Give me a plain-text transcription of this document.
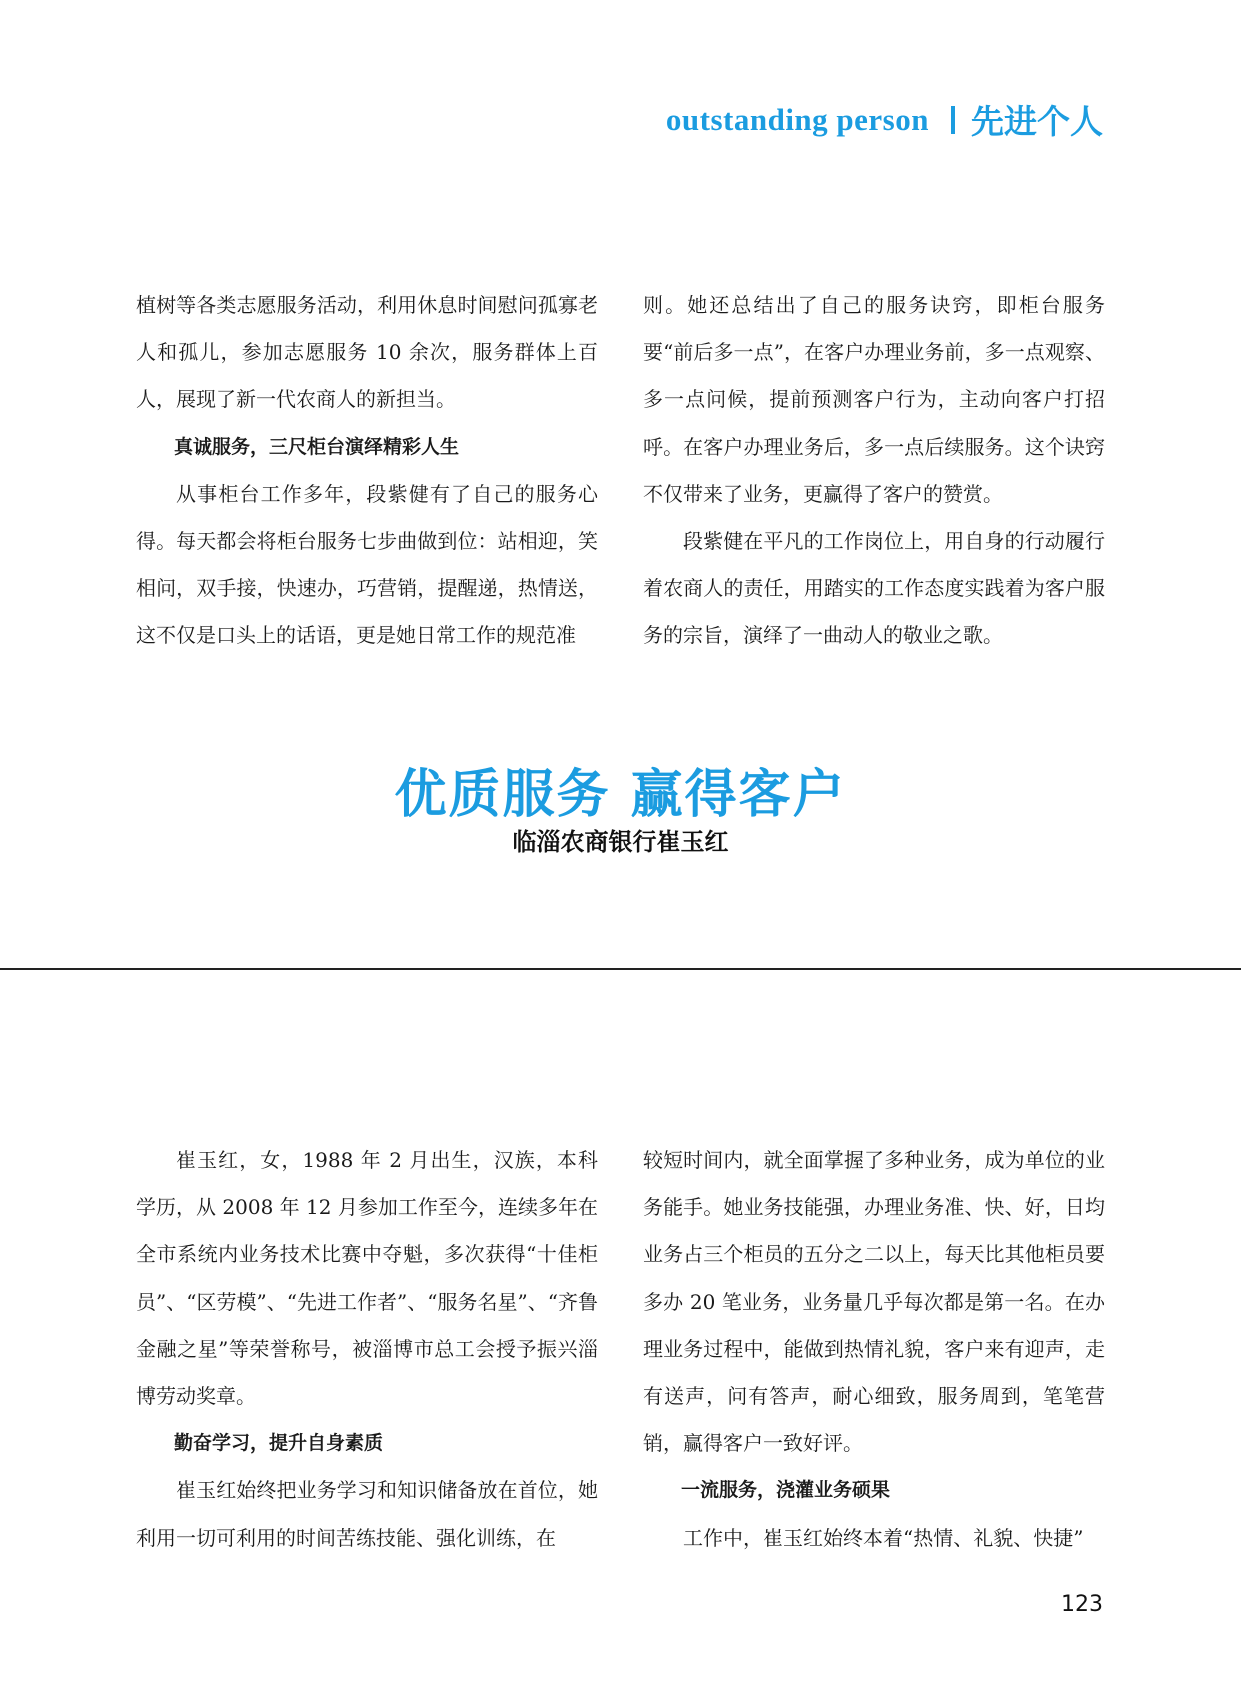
outstanding person 先进个人

植树等各类志愿服务活动，利用休息时间慰问孤寡老人和孤儿，参加志愿服务 10 余次，服务群体上百人，展现了新一代农商人的新担当。

真诚服务，三尺柜台演绎精彩人生

从事柜台工作多年，段紫健有了自己的服务心得。每天都会将柜台服务七步曲做到位：站相迎，笑相问，双手接，快速办，巧营销，提醒递，热情送，这不仅是口头上的话语，更是她日常工作的规范准

则。她还总结出了自己的服务诀窍，即柜台服务要“前后多一点”，在客户办理业务前，多一点观察、多一点问候，提前预测客户行为，主动向客户打招呼。在客户办理业务后，多一点后续服务。这个诀窍不仅带来了业务，更赢得了客户的赞赏。

段紫健在平凡的工作岗位上，用自身的行动履行着农商人的责任，用踏实的工作态度实践着为客户服务的宗旨，演绎了一曲动人的敬业之歌。

优质服务 赢得客户
临淄农商银行崔玉红

崔玉红，女，1988 年 2 月出生，汉族，本科学历，从 2008 年 12 月参加工作至今，连续多年在全市系统内业务技术比赛中夺魁，多次获得“十佳柜员”、“区劳模”、“先进工作者”、“服务名星”、“齐鲁金融之星”等荣誉称号，被淄博市总工会授予振兴淄博劳动奖章。

勤奋学习，提升自身素质

崔玉红始终把业务学习和知识储备放在首位，她利用一切可利用的时间苦练技能、强化训练，在

较短时间内，就全面掌握了多种业务，成为单位的业务能手。她业务技能强，办理业务准、快、好，日均业务占三个柜员的五分之二以上，每天比其他柜员要多办 20 笔业务，业务量几乎每次都是第一名。在办理业务过程中，能做到热情礼貌，客户来有迎声，走有送声，问有答声，耐心细致，服务周到，笔笔营销，赢得客户一致好评。

一流服务，浇灌业务硕果

工作中，崔玉红始终本着“热情、礼貌、快捷”

123
